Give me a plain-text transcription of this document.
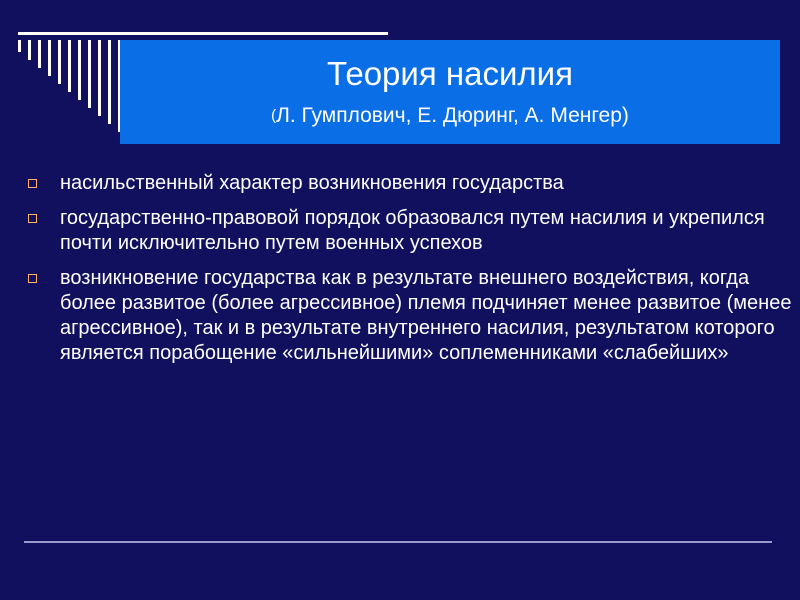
Теория насилия
(Л. Гумплович, Е. Дюринг, А. Менгер)
насильственный характер возникновения государства
государственно-правовой порядок образовался путем насилия и укрепился почти исключительно путем военных успехов
возникновение государства как в результате внешнего воздействия, когда более развитое (более агрессивное) племя подчиняет менее развитое (менее агрессивное), так и в результате внутреннего насилия, результатом которого является порабощение «сильнейшими» соплеменниками «слабейших»
